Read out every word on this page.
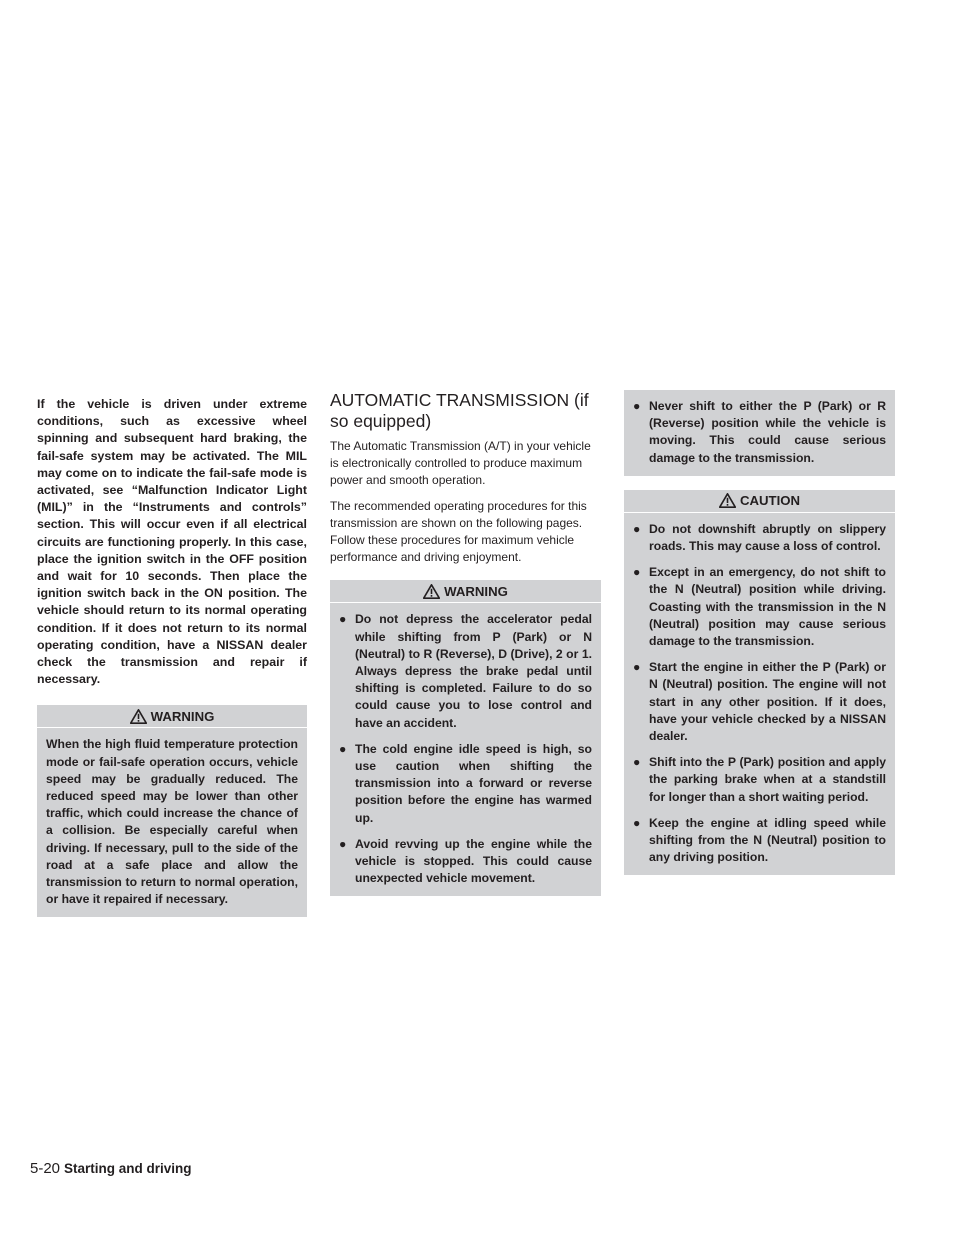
If the vehicle is driven under extreme conditions, such as excessive wheel spinning and subsequent hard braking, the fail-safe system may be activated. The MIL may come on to indicate the fail-safe mode is activated, see “Malfunction Indicator Light (MIL)” in the “Instruments and controls” section. This will occur even if all electrical circuits are functioning properly. In this case, place the ignition switch in the OFF position and wait for 10 seconds. Then place the ignition switch back in the ON position. The vehicle should return to its normal operating condition. If it does not return to its normal operating condition, have a NISSAN dealer check the transmission and repair if necessary.

WARNING

When the high fluid temperature protection mode or fail-safe operation occurs, vehicle speed may be gradually reduced. The reduced speed may be lower than other traffic, which could increase the chance of a collision. Be especially careful when driving. If necessary, pull to the side of the road at a safe place and allow the transmission to return to normal operation, or have it repaired if necessary.

AUTOMATIC TRANSMISSION (if so equipped)

The Automatic Transmission (A/T) in your vehicle is electronically controlled to produce maximum power and smooth operation.

The recommended operating procedures for this transmission are shown on the following pages. Follow these procedures for maximum vehicle performance and driving enjoyment.

WARNING
● Do not depress the accelerator pedal while shifting from P (Park) or N (Neutral) to R (Reverse), D (Drive), 2 or 1. Always depress the brake pedal until shifting is completed. Failure to do so could cause you to lose control and have an accident.
● The cold engine idle speed is high, so use caution when shifting the transmission into a forward or reverse position before the engine has warmed up.
● Avoid revving up the engine while the vehicle is stopped. This could cause unexpected vehicle movement.
● Never shift to either the P (Park) or R (Reverse) position while the vehicle is moving. This could cause serious damage to the transmission.
CAUTION
● Do not downshift abruptly on slippery roads. This may cause a loss of control.
● Except in an emergency, do not shift to the N (Neutral) position while driving. Coasting with the transmission in the N (Neutral) position may cause serious damage to the transmission.
● Start the engine in either the P (Park) or N (Neutral) position. The engine will not start in any other position. If it does, have your vehicle checked by a NISSAN dealer.
● Shift into the P (Park) position and apply the parking brake when at a standstill for longer than a short waiting period.
● Keep the engine at idling speed while shifting from the N (Neutral) position to any driving position.
5-20 Starting and driving
